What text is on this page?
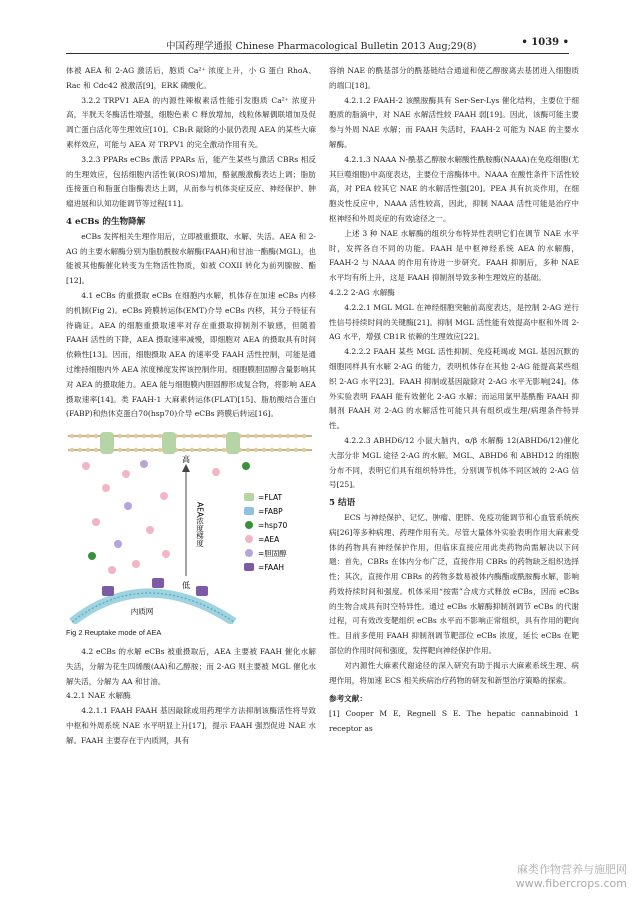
中国药理学通报 Chinese Pharmacological Bulletin 2013 Aug;29(8)	• 1039 •

体被 AEA 和 2-AG 激活后，胞质 Ca²⁺ 浓度上升，小 G 蛋白 RhoA、Rac 和 Cdc42 被激活[9]，ERK 磷酸化。

3.2.2 TRPV1 AEA 的内源性辣椒素活性能引发胞质 Ca²⁺ 浓度升高，半胱天冬酶活性增强，细胞色素 C 释放增加，线粒体解偶联增加及促凋亡蛋白活化等生理效应[10]。CB₁R 敲除的小鼠仍表现 AEA 的某些大麻素样效应，可能与 AEA 对 TRPV1 的完全激动作用有关。

3.2.3 PPARs eCBs 激活 PPARs 后，能产生某些与激活 CBRs 相反的生理效应，包括细胞内活性氧(ROS)增加，酪氨酸激酶表达上调；脂肪连接蛋白和脂蛋白脂酶表达上调，从而参与机体炎症反应、神经保护、肿瘤进展和认知功能调节等过程[11]。

4 eCBs 的生物降解

eCBs 发挥相关生理作用后，立即被重摄取、水解、失活。AEA 和 2-AG 的主要水解酶分别为脂肪酰胺水解酶(FAAH)和甘油一酯酶(MGL)，也能被其他酶催化转变为生物活性物质，如被 COXII 转化为前列腺胺、酯[12]。

4.1 eCBs 的重摄取 eCBs 在细胞内水解，机体存在加速 eCBs 内移的机制(Fig 2)。eCBs 跨膜转运体(EMT)介导 eCBs 内移，其分子特征有待确证。AEA 的细胞重摄取速率对存在重摄取抑制剂不敏感，但随着 FAAH 活性的下降，AEA 摄取速率减慢，即细胞对 AEA 的摄取具有时间依赖性[13]。因而，细胞摄取 AEA 的速率受 FAAH 活性控制，可能是通过维持细胞内外 AEA 浓度梯度发挥该控制作用。细胞膜胆固醇含量影响其对 AEA 的摄取能力。AEA 能与细胞膜内胆固醇形成复合物，将影响 AEA 摄取速率[14]。类 FAAH-1 大麻素转运体(FLAT)[15]、脂肪酸结合蛋白(FABP)和热休克蛋白70(hsp70)介导 eCBs 跨膜后转运[16]。

高
低
AEA浓度梯度
内质网
=FLAT
=FABP
=hsp70
=AEA
=胆固醇
=FAAH

Fig 2 Reuptake mode of AEA

4.2 eCBs 的水解 eCBs 被重摄取后，AEA 主要被 FAAH 催化水解失活，分解为花生四烯酸(AA)和乙醇胺；而 2-AG 则主要被 MGL 催化水解失活，分解为 AA 和甘油。

4.2.1 NAE 水解酶

4.2.1.1 FAAH FAAH 基因敲除或用药理学方法抑制该酶活性将导致中枢和外周系统 NAE 水平明显上升[17]，提示 FAAH 强烈促进 NAE 水解。FAAH 主要存在于内质网，具有

容纳 NAE 的酰基部分的酰基链结合通道和使乙醇胺离去基团进入细胞质的端口[18]。

4.2.1.2 FAAH-2 该酰胺酶具有 Ser-Ser-Lys 催化结构，主要位于细胞质的脂滴中，对 NAE 水解活性较 FAAH 弱[19]。因此，该酶可能主要参与外周 NAE 水解；而 FAAH 失活时，FAAH-2 可能为 NAE 的主要水解酶。

4.2.1.3 NAAA N-酰基乙醇胺水解酸性酰胺酶(NAAA)在免疫细胞(尤其巨噬细胞)中高度表达，主要位于溶酶体中。NAAA 在酸性条件下活性较高，对 PEA 较其它 NAE 的水解活性强[20]。PEA 具有抗炎作用，在细胞炎性反应中，NAAA 活性较高，因此，抑制 NAAA 活性可能是治疗中枢神经和外周炎症的有效途径之一。

上述 3 种 NAE 水解酶的组织分布特异性表明它们在调节 NAE 水平时，发挥各自不同的功能。FAAH 是中枢神经系统 AEA 的水解酶，FAAH-2 与 NAAA 的作用有待进一步研究。FAAH 抑制后，多种 NAE 水平均有所上升，这是 FAAH 抑制剂导致多种生理效应的基础。

4.2.2 2-AG 水解酶

4.2.2.1 MGL MGL 在神经细胞突触前高度表达，是控制 2-AG 逆行性信号持续时间的关键酶[21]。抑制 MGL 活性能有效提高中枢和外周 2-AG 水平，增强 CB1R 依赖的生理效应[22]。

4.2.2.2 FAAH 某些 MGL 活性抑制、免疫耗竭或 MGL 基因沉默的细胞同样具有水解 2-AG 的能力，表明机体存在其他 2-AG 能提高某些组织 2-AG 水平[23]。FAAH 抑制或基因敲除对 2-AG 水平无影响[24]。体外实验表明 FAAH 能有效催化 2-AG 水解；而运用氯甲基酰酯 FAAH 抑制剂 FAAH 对 2-AG 的水解活性可能只具有组织或生理/病理条件特异性。

4.2.2.3 ABHD6/12 小鼠大脑内，α/β 水解酶 12(ABHD6/12)催化大部分非 MGL 途径 2-AG 的水解。MGL、ABHD6 和 ABHD12 的细胞分布不同，表明它们具有组织特异性，分别调节机体不同区域的 2-AG 信号[25]。

5 结语

ECS 与神经保护、记忆、肿瘤、肥胖、免疫功能调节和心血管系统疾病[26]等多种病理、药理作用有关。尽管大量体外实验表明作用大麻素受体的药物具有神经保护作用，但临床直接应用此类药物尚需解决以下问题：首先，CBRs 在体内分布广泛，直接作用 CBRs 的药物缺乏组织选择性；其次，直接作用 CBRs 的药物多数易被体内酶酯或酰胺酶水解，影响药效持续时间和强度。机体采用“按需”合成方式释放 eCBs，因而 eCBs 的生物合成具有时空特异性。通过 eCBs 水解酶抑制剂调节 eCBs 的代谢过程，可有效改变靶组织 eCBs 水平而不影响正常组织，具有作用的靶向性。目前多使用 FAAH 抑制剂调节靶部位 eCBs 浓度，延长 eCBs 在靶部位的作用时间和强度，发挥靶向神经保护作用。

对内源性大麻素代谢途径的深入研究有助于揭示大麻素系统生理、病理作用，将加速 ECS 相关疾病治疗药物的研发和新型治疗策略的探索。

参考文献：

[1] Cooper M E, Regnell S E. The hepatic cannabinoid 1 receptor as

麻类作物营养与施肥网
www.fibercrops.com
